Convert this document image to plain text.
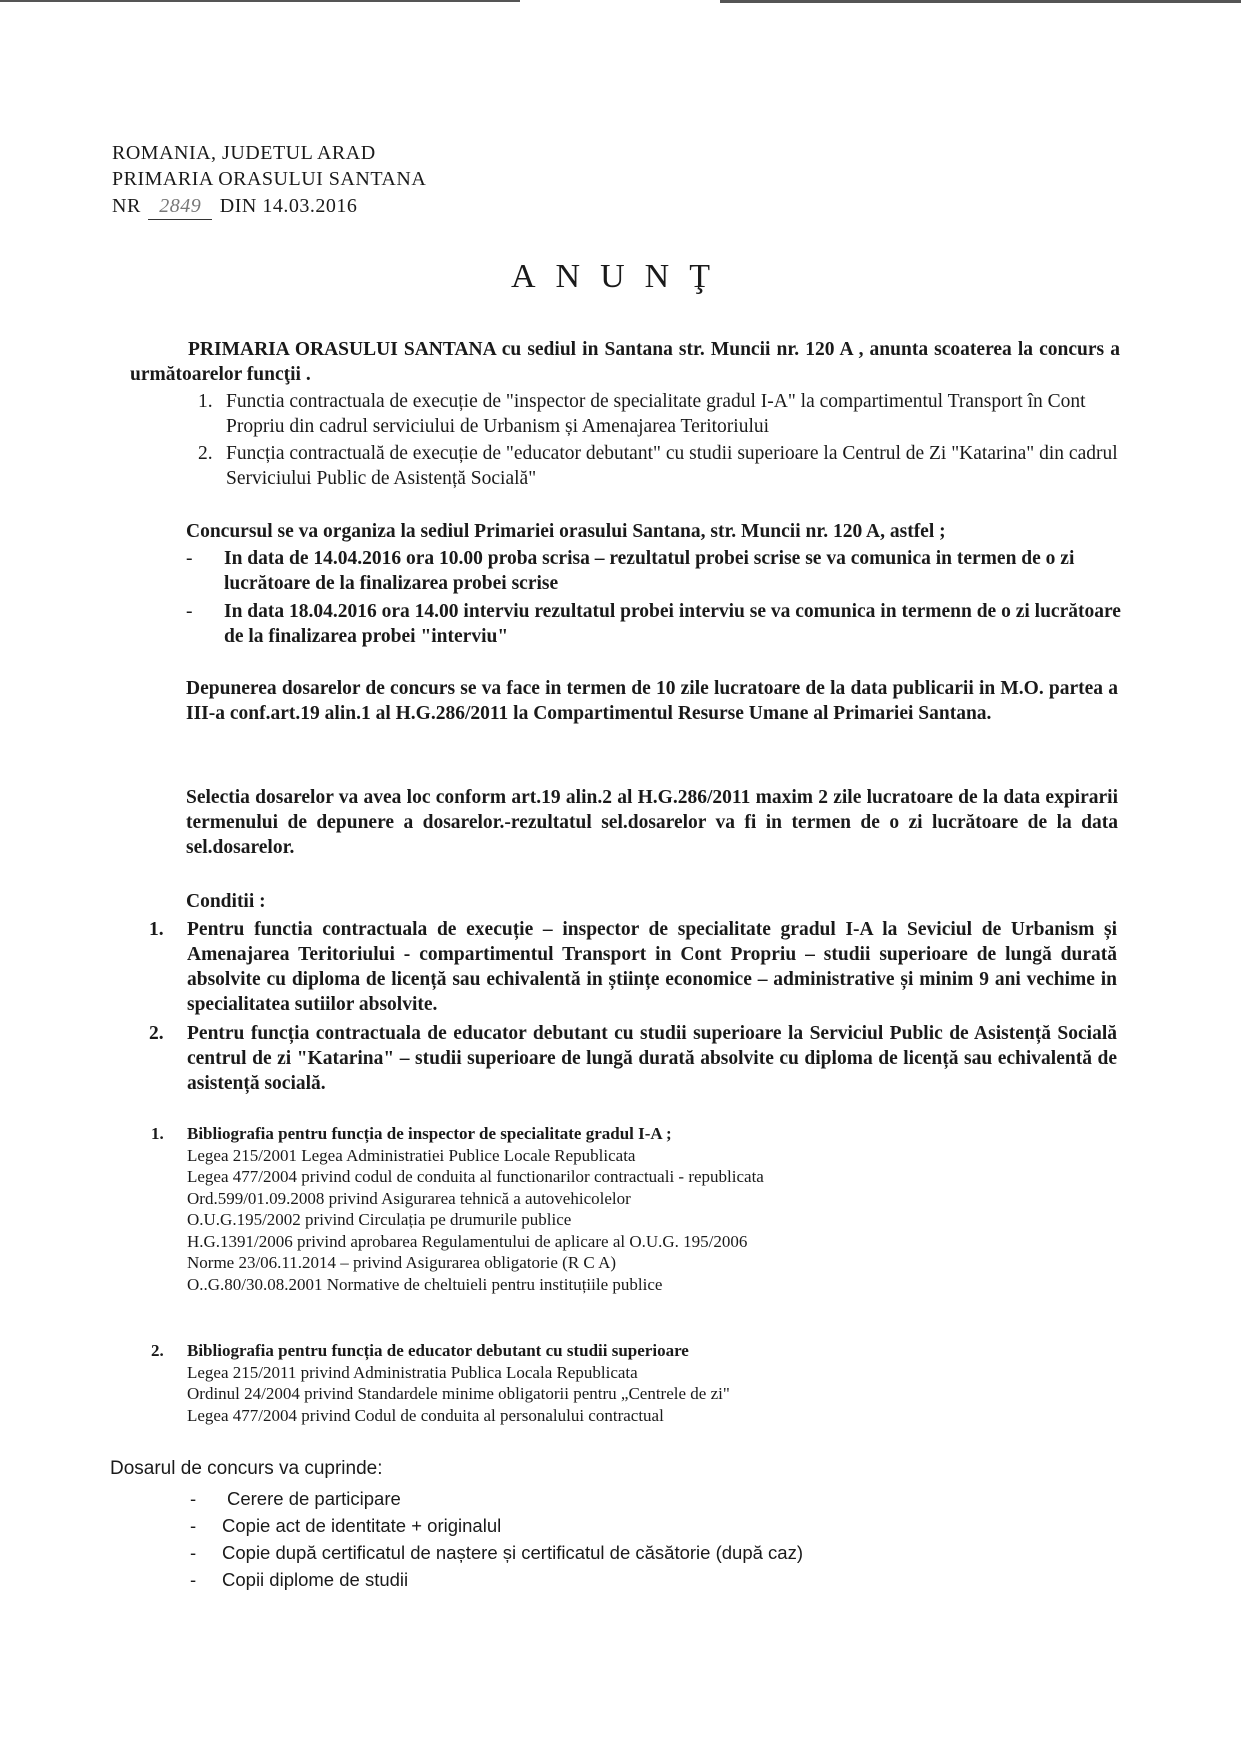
ROMANIA, JUDETUL ARAD
PRIMARIA ORASULUI SANTANA
NR 2849 DIN 14.03.2016
ANUNŢ
PRIMARIA ORASULUI SANTANA cu sediul in Santana str. Muncii nr. 120 A , anunta scoaterea la concurs a următoarelor funcţii .
1. Functia contractuala de execuție de "inspector de specialitate gradul I-A" la compartimentul Transport în Cont Propriu din cadrul serviciului de Urbanism și Amenajarea Teritoriului
2. Funcția contractuală de execuție de "educator debutant" cu studii superioare la Centrul de Zi "Katarina" din cadrul Serviciului Public de Asistență Socială"
Concursul se va organiza la sediul Primariei orasului Santana, str. Muncii nr. 120 A, astfel ;
- In data de 14.04.2016 ora 10.00 proba scrisa – rezultatul probei scrise se va comunica in termen de o zi lucrătoare de la finalizarea probei scrise
- In data 18.04.2016 ora 14.00 interviu rezultatul probei interviu se va comunica in termenn de o zi lucrătoare de la finalizarea probei "interviu"
Depunerea dosarelor de concurs se va face in termen de 10 zile lucratoare de la data publicarii in M.O. partea a III-a conf.art.19 alin.1 al H.G.286/2011 la Compartimentul Resurse Umane al Primariei Santana.
Selectia dosarelor va avea loc conform art.19 alin.2 al H.G.286/2011 maxim 2 zile lucratoare de la data expirarii termenului de depunere a dosarelor.-rezultatul sel.dosarelor va fi in termen de o zi lucrătoare de la data sel.dosarelor.
Conditii :
1. Pentru functia contractuala de execuție – inspector de specialitate gradul I-A la Seviciul de Urbanism și Amenajarea Teritoriului - compartimentul Transport in Cont Propriu – studii superioare de lungă durată absolvite cu diploma de licență sau echivalentă in științe economice – administrative și minim 9 ani vechime in specialitatea sutiilor absolvite.
2. Pentru funcția contractuala de educator debutant cu studii superioare la Serviciul Public de Asistență Socială centrul de zi "Katarina" – studii superioare de lungă durată absolvite cu diploma de licență sau echivalentă de asistență socială.
1. Bibliografia pentru funcția de inspector de specialitate gradul I-A ;
Legea 215/2001 Legea Administratiei Publice Locale Republicata
Legea 477/2004 privind codul de conduita al functionarilor contractuali - republicata
Ord.599/01.09.2008 privind Asigurarea tehnică a autovehicolelor
O.U.G.195/2002 privind Circulația pe drumurile publice
H.G.1391/2006 privind aprobarea Regulamentului de aplicare al O.U.G. 195/2006
Norme 23/06.11.2014 – privind Asigurarea obligatorie (R C A)
O..G.80/30.08.2001 Normative de cheltuieli pentru instituțiile publice
2. Bibliografia pentru funcția de educator debutant cu studii superioare
Legea 215/2011 privind Administratia Publica Locala Republicata
Ordinul 24/2004 privind Standardele minime obligatorii pentru „Centrele de zi"
Legea 477/2004 privind Codul de conduita al personalului contractual
Dosarul de concurs va cuprinde:
- Cerere de participare
- Copie act de identitate + originalul
- Copie după certificatul de naștere și certificatul de căsătorie (după caz)
- Copii diplome de studii
